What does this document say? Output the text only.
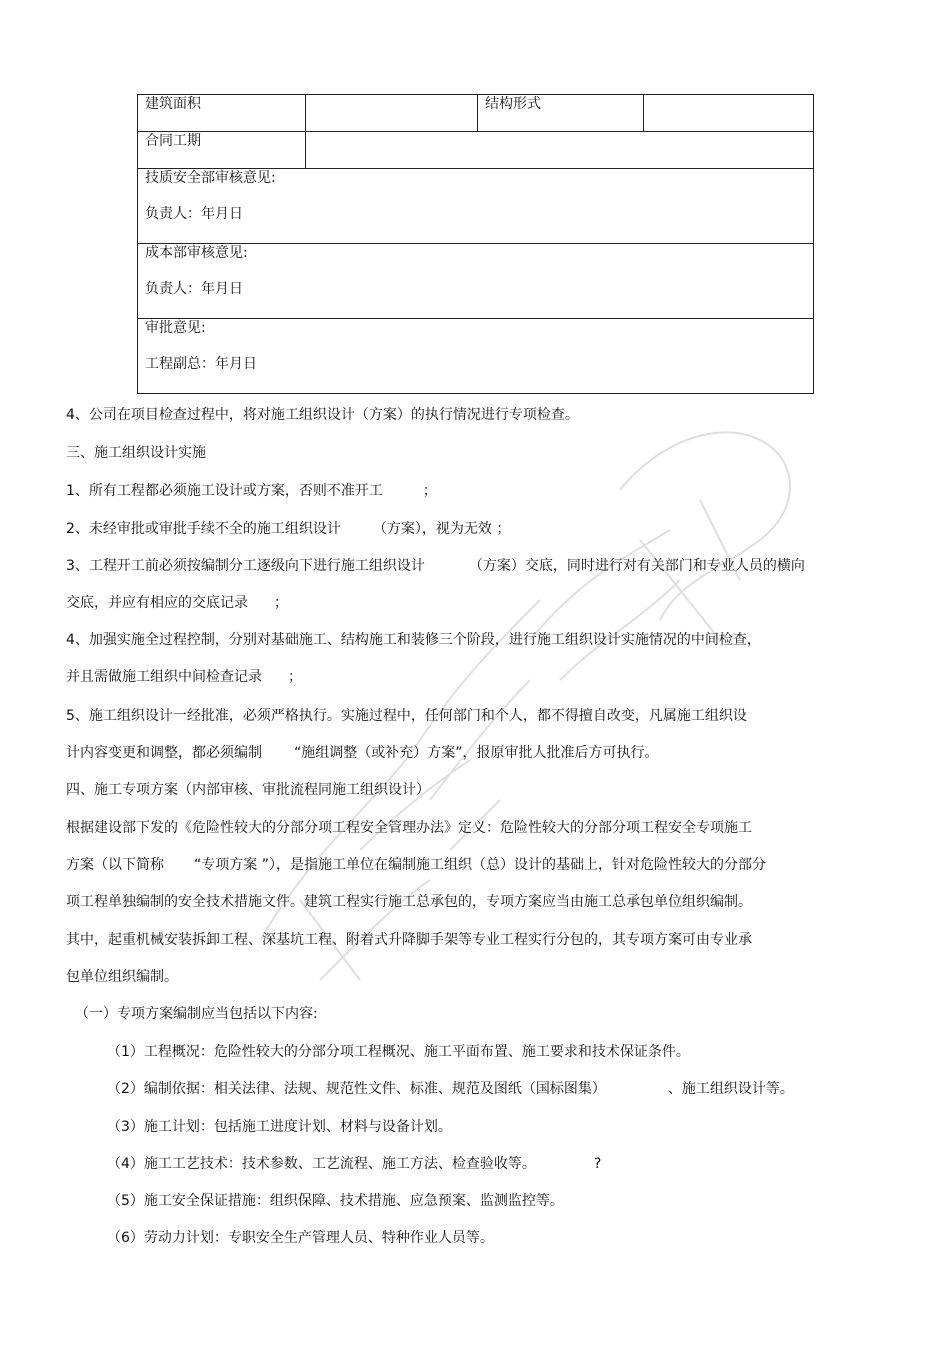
建筑面积		结构形式	
合同工期			

技质安全部审核意见:
负责人：年月日			

成本部审核意见:
负责人：年月日			

审批意见:
工程副总：年月日			
4、公司在项目检查过程中，将对施工组织设计（方案）的执行情况进行专项检查。
三、施工组织设计实施
1、所有工程都必须施工设计或方案，否则不准开工	；
2、未经审批或审批手续不全的施工组织设计 （方案），视为无效 ；
3、工程开工前必须按编制分工逐级向下进行施工组织设计	（方案）交底，同时进行对有关部门和专业人员的横向
交底，并应有相应的交底记录 ；
4、加强实施全过程控制，分别对基础施工、结构施工和装修三个阶段，进行施工组织设计实施情况的中间检查，
并且需做施工组织中间检查记录 ；
5、施工组织设计一经批准，必须严格执行。实施过程中，任何部门和个人，都不得擅自改变，凡属施工组织设
计内容变更和调整，都必须编制 “施组调整（或补充）方案”，报原审批人批准后方可执行。
四、施工专项方案（内部审核、审批流程同施工组织设计）
根据建设部下发的《危险性较大的分部分项工程安全管理办法》定义：危险性较大的分部分项工程安全专项施工
方案（以下简称 “专项方案 ”），是指施工单位在编制施工组织（总）设计的基础上，针对危险性较大的分部分
项工程单独编制的安全技术措施文件。建筑工程实行施工总承包的，专项方案应当由施工总承包单位组织编制。
其中，起重机械安装拆卸工程、深基坑工程、附着式升降脚手架等专业工程实行分包的，其专项方案可由专业承
包单位组织编制。
（一）专项方案编制应当包括以下内容:
（1）工程概况：危险性较大的分部分项工程概况、施工平面布置、施工要求和技术保证条件。
（2）编制依据：相关法律、法规、规范性文件、标准、规范及图纸（国标图集）	、施工组织设计等。
（3）施工计划：包括施工进度计划、材料与设备计划。
（4）施工工艺技术：技术参数、工艺流程、施工方法、检查验收等。	?
（5）施工安全保证措施：组织保障、技术措施、应急预案、监测监控等。
（6）劳动力计划：专职安全生产管理人员、特种作业人员等。
